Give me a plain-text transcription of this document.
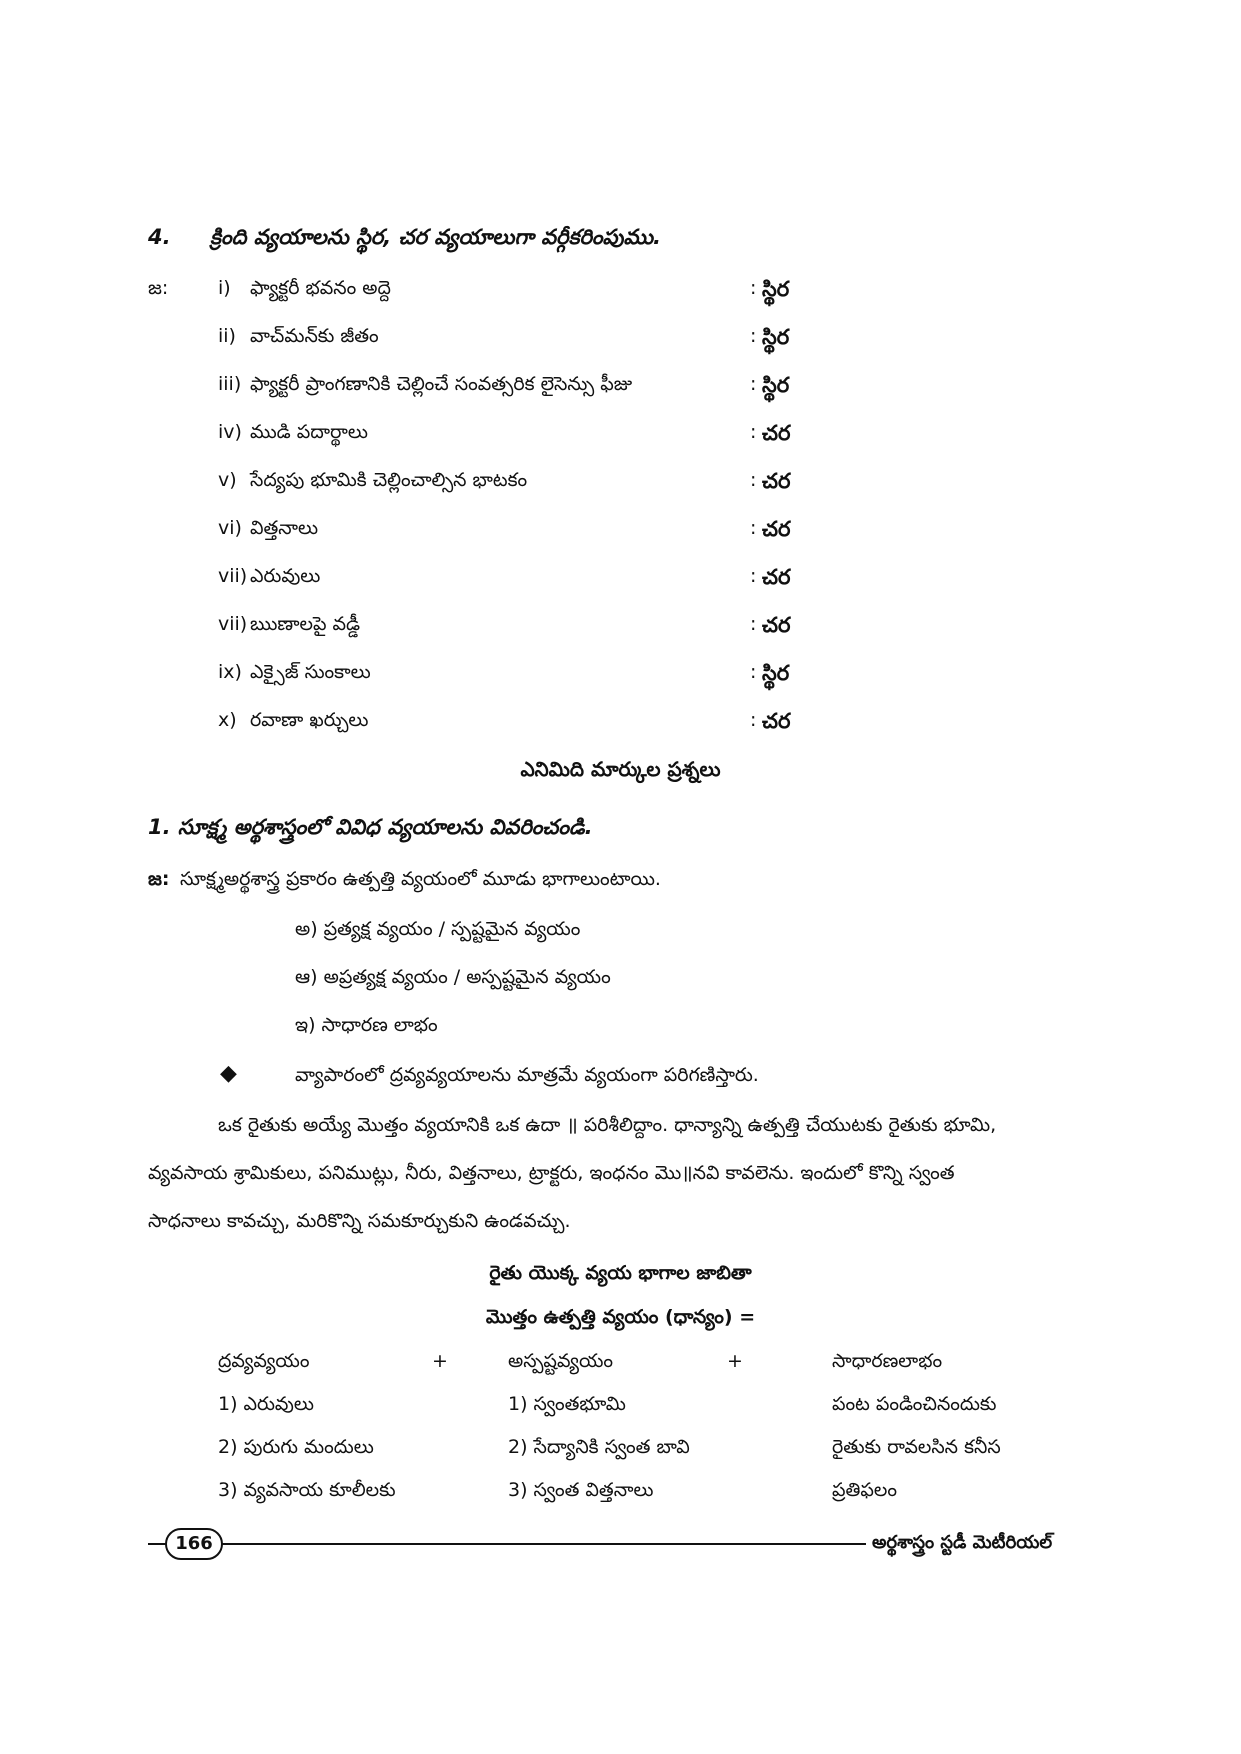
4. క్రింది వ్యయాలను స్థిర, చర వ్యయాలుగా వర్గీకరింపుము.
జ:	i) ఫ్యాక్టరీ భవనం అద్దె	: స్థిర
ii) వాచ్‌మన్‌కు జీతం	: స్థిర
iii) ఫ్యాక్టరీ ప్రాంగణానికి చెల్లించే సంవత్సరిక లైసెన్సు ఫీజు	: స్థిర
iv) ముడి పదార్థాలు	: చర
v) సేద్యపు భూమికి చెల్లించాల్సిన భాటకం	: చర
vi) విత్తనాలు	: చర
vii) ఎరువులు	: చర
vii) ఋణాలపై వడ్డీ	: చర
ix) ఎక్సైజ్ సుంకాలు	: స్థిర
x) రవాణా ఖర్చులు	: చర
ఎనిమిది మార్కుల ప్రశ్నలు
1. సూక్ష్మ అర్థశాస్త్రంలో వివిధ వ్యయాలను వివరించండి.
జ: సూక్ష్మఅర్థశాస్త్ర ప్రకారం ఉత్పత్తి వ్యయంలో మూడు భాగాలుంటాయి.
అ) ప్రత్యక్ష వ్యయం / స్పష్టమైన వ్యయం
ఆ) అప్రత్యక్ష వ్యయం / అస్పష్టమైన వ్యయం
ఇ) సాధారణ లాభం
◆	వ్యాపారంలో ద్రవ్యవ్యయాలను మాత్రమే వ్యయంగా పరిగణిస్తారు.
ఒక రైతుకు అయ్యే మొత్తం వ్యయానికి ఒక ఉదా ॥ పరిశీలిద్దాం. ధాన్యాన్ని ఉత్పత్తి చేయుటకు రైతుకు భూమి,
వ్యవసాయ శ్రామికులు, పనిముట్లు, నీరు, విత్తనాలు, ట్రాక్టరు, ఇంధనం మొ॥నవి కావలెను. ఇందులో కొన్ని స్వంత
సాధనాలు కావచ్చు, మరికొన్ని సమకూర్చుకుని ఉండవచ్చు.
రైతు యొక్క వ్యయ భాగాల జాబితా
మొత్తం ఉత్పత్తి వ్యయం (ధాన్యం) =
ద్రవ్యవ్యయం	+	అస్పష్టవ్యయం	+	సాధారణలాభం
1) ఎరువులు	1) స్వంతభూమి	పంట పండించినందుకు
2) పురుగు మందులు	2) సేద్యానికి స్వంత బావి	రైతుకు రావలసిన కనీస
3) వ్యవసాయ కూలీలకు	3) స్వంత విత్తనాలు	ప్రతిఫలం
166	అర్థశాస్త్రం స్టడీ మెటీరియల్
